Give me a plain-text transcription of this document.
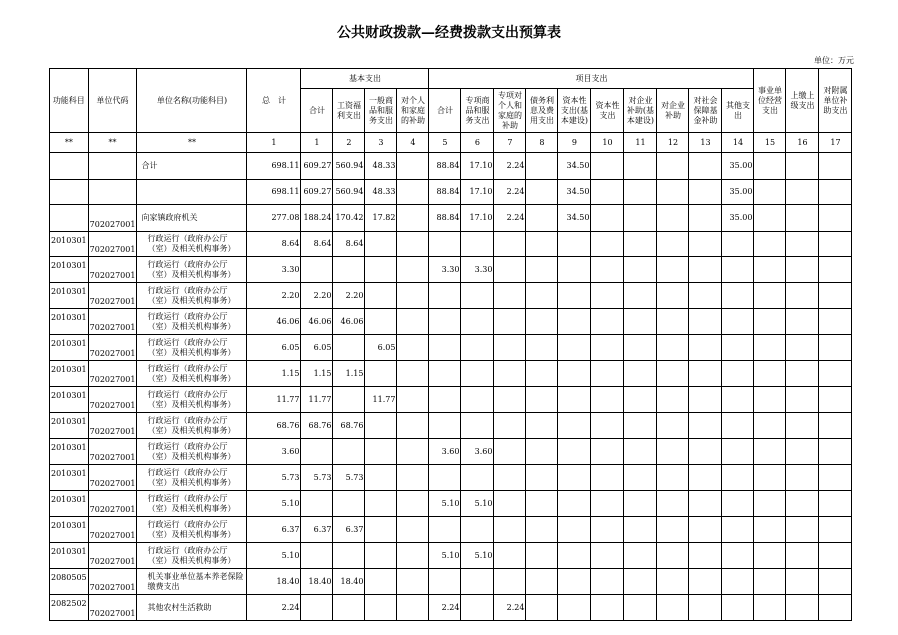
公共财政拨款—经费拨款支出预算表
单位：万元
功能科目	单位代码	单位名称(功能科目)	总　计	基本支出				项目支出										事业单位经营支出	上缴上级支出	对附属单位补助支出
				合计	工资福利支出	一般商品和服务支出	对个人和家庭的补助	合计	专项商品和服务支出	专项对个人和家庭的补助	债务利息及费用支出	资本性支出(基本建设)	资本性支出	对企业补助(基本建设)	对企业补助	对社会保障基金补助	其他支出			

**	**	**	1	1	2	3	4	5	6	7	8	9	10	11	12	13	14	15	16	17
		合计	698.11	609.27	560.94	48.33		88.84	17.10	2.24		34.50					35.00			
			698.11	609.27	560.94	48.33		88.84	17.10	2.24		34.50					35.00			
	702027001	向家镇政府机关	277.08	188.24	170.42	17.82		88.84	17.10	2.24		34.50					35.00			
2010301	702027001	行政运行（政府办公厅（室）及相关机构事务）	8.64	8.64	8.64															
2010301	702027001	行政运行（政府办公厅（室）及相关机构事务）	3.30					3.30	3.30											
2010301	702027001	行政运行（政府办公厅（室）及相关机构事务）	2.20	2.20	2.20															
2010301	702027001	行政运行（政府办公厅（室）及相关机构事务）	46.06	46.06	46.06															
2010301	702027001	行政运行（政府办公厅（室）及相关机构事务）	6.05	6.05		6.05														
2010301	702027001	行政运行（政府办公厅（室）及相关机构事务）	1.15	1.15	1.15															
2010301	702027001	行政运行（政府办公厅（室）及相关机构事务）	11.77	11.77		11.77														
2010301	702027001	行政运行（政府办公厅（室）及相关机构事务）	68.76	68.76	68.76															
2010301	702027001	行政运行（政府办公厅（室）及相关机构事务）	3.60					3.60	3.60											
2010301	702027001	行政运行（政府办公厅（室）及相关机构事务）	5.73	5.73	5.73															
2010301	702027001	行政运行（政府办公厅（室）及相关机构事务）	5.10					5.10	5.10											
2010301	702027001	行政运行（政府办公厅（室）及相关机构事务）	6.37	6.37	6.37															
2010301	702027001	行政运行（政府办公厅（室）及相关机构事务）	5.10					5.10	5.10											
2080505	702027001	机关事业单位基本养老保险缴费支出	18.40	18.40	18.40															
2082502	702027001	其他农村生活救助	2.24					2.24		2.24										
